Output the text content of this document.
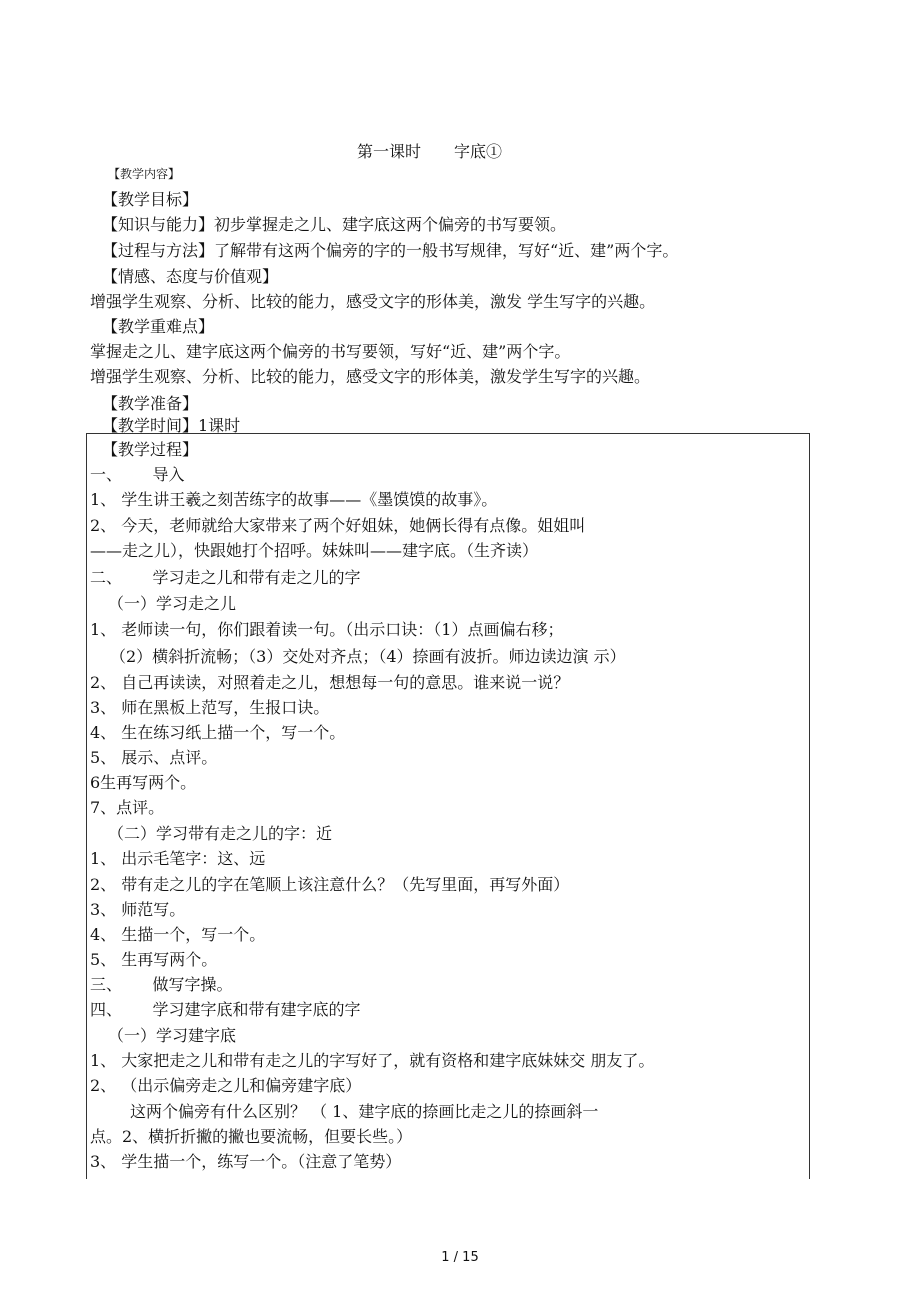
第一课时 字底①
【教学内容】
【教学目标】
【知识与能力】初步掌握走之儿、建字底这两个偏旁的书写要领。
【过程与方法】了解带有这两个偏旁的字的一般书写规律，写好“近、建”两个字。
【情感、态度与价值观】
增强学生观察、分析、比较的能力，感受文字的形体美，激发 学生写字的兴趣。
【教学重难点】
掌握走之儿、建字底这两个偏旁的书写要领，写好“近、建”两个字。
增强学生观察、分析、比较的能力，感受文字的形体美，激发学生写字的兴趣。
【教学准备】
【教学时间】1课时
【教学过程】
一、      导入
1、 学生讲王羲之刻苦练字的故事——《墨馍馍的故事》。
2、 今天，老师就给大家带来了两个好姐妹，她俩长得有点像。姐姐叫
——走之儿），快跟她打个招呼。妹妹叫——建字底。（生齐读）
二、      学习走之儿和带有走之儿的字
（一）学习走之儿
1、 老师读一句，你们跟着读一句。（出示口诀：（1）点画偏右移；
（2）横斜折流畅；（3）交处对齐点；（4）捺画有波折。师边读边演 示）
2、 自己再读读，对照着走之儿，想想每一句的意思。谁来说一说？
3、 师在黑板上范写，生报口诀。
4、 生在练习纸上描一个，写一个。
5、 展示、点评。
6生再写两个。
7、点评。
（二）学习带有走之儿的字：近
1、 出示毛笔字：这、远
2、 带有走之儿的字在笔顺上该注意什么？（先写里面，再写外面）
3、 师范写。
4、 生描一个，写一个。
5、 生再写两个。
三、      做写字操。
四、      学习建字底和带有建字底的字
（一）学习建字底
1、 大家把走之儿和带有走之儿的字写好了，就有资格和建字底妹妹交 朋友了。
2、 （出示偏旁走之儿和偏旁建字底）
这两个偏旁有什么区别？ （ 1、建字底的捺画比走之儿的捺画斜一
点。2、横折折撇的撇也要流畅，但要长些。）
3、 学生描一个，练写一个。（注意了笔势）
1 / 15
